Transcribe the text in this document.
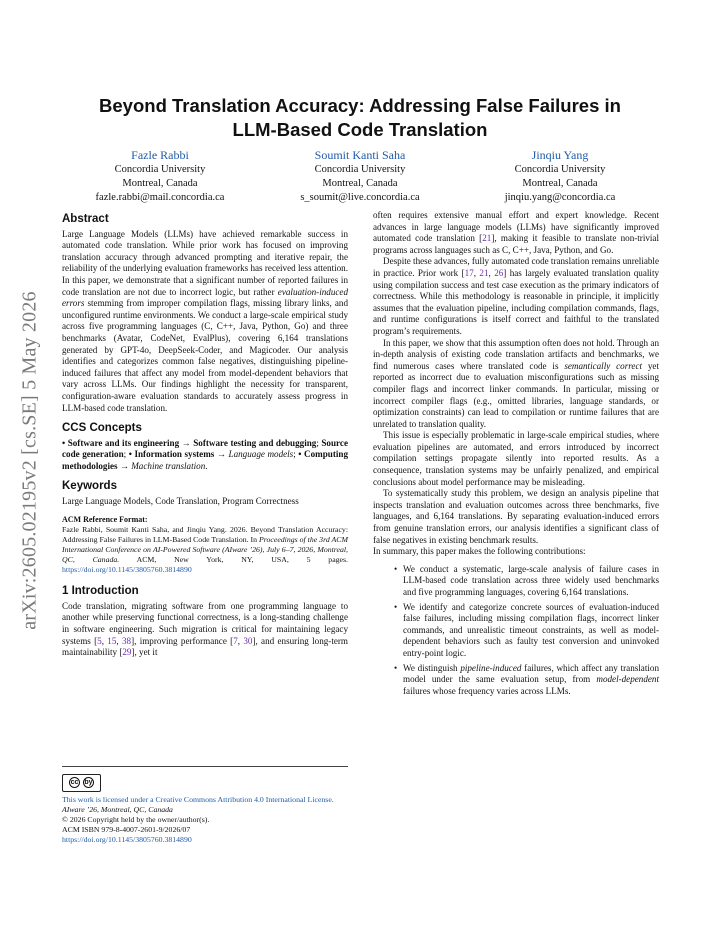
arXiv:2605.02195v2 [cs.SE] 5 May 2026
Beyond Translation Accuracy: Addressing False Failures in
LLM-Based Code Translation
Fazle Rabbi
Concordia University
Montreal, Canada
fazle.rabbi@mail.concordia.ca
Soumit Kanti Saha
Concordia University
Montreal, Canada
s_soumit@live.concordia.ca
Jinqiu Yang
Concordia University
Montreal, Canada
jinqiu.yang@concordia.ca
Abstract

Large Language Models (LLMs) have achieved remarkable success in automated code translation. While prior work has focused on improving translation accuracy through advanced prompting and iterative repair, the reliability of the underlying evaluation frameworks has received less attention. In this paper, we demonstrate that a significant number of reported failures in code translation are not due to incorrect logic, but rather evaluation-induced errors stemming from improper compilation flags, missing library links, and unconfigured runtime environments. We conduct a large-scale empirical study across five programming languages (C, C++, Java, Python, Go) and three benchmarks (Avatar, CodeNet, EvalPlus), covering 6,164 translations generated by GPT-4o, DeepSeek-Coder, and Magicoder. Our analysis identifies and categorizes common false negatives, distinguishing pipeline-induced failures that affect any model from model-dependent behaviors that vary across LLMs. Our findings highlight the necessity for transparent, configuration-aware evaluation standards to accurately assess progress in LLM-based code translation.

CCS Concepts

• Software and its engineering → Software testing and debugging; Source code generation; • Information systems → Language models; • Computing methodologies → Machine translation.

Keywords

Large Language Models, Code Translation, Program Correctness

ACM Reference Format:

Fazle Rabbi, Soumit Kanti Saha, and Jinqiu Yang. 2026. Beyond Translation Accuracy: Addressing False Failures in LLM-Based Code Translation. In Proceedings of the 3rd ACM International Conference on AI-Powered Software (AIware ’26), July 6–7, 2026, Montreal, QC, Canada. ACM, New York, NY, USA, 5 pages. https://doi.org/10.1145/3805760.3814890

1 Introduction

Code translation, migrating software from one programming language to another while preserving functional correctness, is a long-standing challenge in software engineering. Such migration is critical for maintaining legacy systems [5, 15, 38], improving performance [7, 30], and ensuring long-term maintainability [29], yet it

cc by
This work is licensed under a Creative Commons Attribution 4.0 International License.
AIware ’26, Montreal, QC, Canada
© 2026 Copyright held by the owner/author(s).
ACM ISBN 979-8-4007-2601-9/2026/07
https://doi.org/10.1145/3805760.3814890

often requires extensive manual effort and expert knowledge. Recent advances in large language models (LLMs) have significantly improved automated code translation [21], making it feasible to translate non-trivial programs across languages such as C, C++, Java, Python, and Go.

Despite these advances, fully automated code translation remains unreliable in practice. Prior work [17, 21, 26] has largely evaluated translation quality using compilation success and test case execution as the primary indicators of correctness. While this methodology is reasonable in principle, it implicitly assumes that the evaluation pipeline, including compilation commands, flags, and runtime configurations is itself correct and faithful to the translated program’s requirements.

In this paper, we show that this assumption often does not hold. Through an in-depth analysis of existing code translation artifacts and benchmarks, we find numerous cases where translated code is semantically correct yet reported as incorrect due to evaluation misconfigurations such as missing compiler flags and incorrect linker commands. In particular, missing or incorrect compiler flags (e.g., omitted libraries, language standards, or optimization constraints) can lead to compilation or runtime failures that are unrelated to translation quality.

This issue is especially problematic in large-scale empirical studies, where evaluation pipelines are automated, and errors introduced by incorrect compilation settings propagate silently into reported results. As a consequence, translation systems may be unfairly penalized, and empirical conclusions about model performance may be misleading.

To systematically study this problem, we design an analysis pipeline that inspects translation and evaluation outcomes across three benchmarks, five languages, and 6,164 translations. By separating evaluation-induced errors from genuine translation errors, our analysis identifies a significant class of false negatives in existing benchmark results.

In summary, this paper makes the following contributions:

• We conduct a systematic, large-scale analysis of failure cases in LLM-based code translation across three widely used benchmarks and five programming languages, covering 6,164 translations.
• We identify and categorize concrete sources of evaluation-induced false failures, including missing compilation flags, incorrect linker commands, and unrealistic timeout constraints, as well as model-dependent behaviors such as faulty test conversion and uninvoked entry-point logic.
• We distinguish pipeline-induced failures, which affect any translation model under the same evaluation setup, from model-dependent failures whose frequency varies across LLMs.
